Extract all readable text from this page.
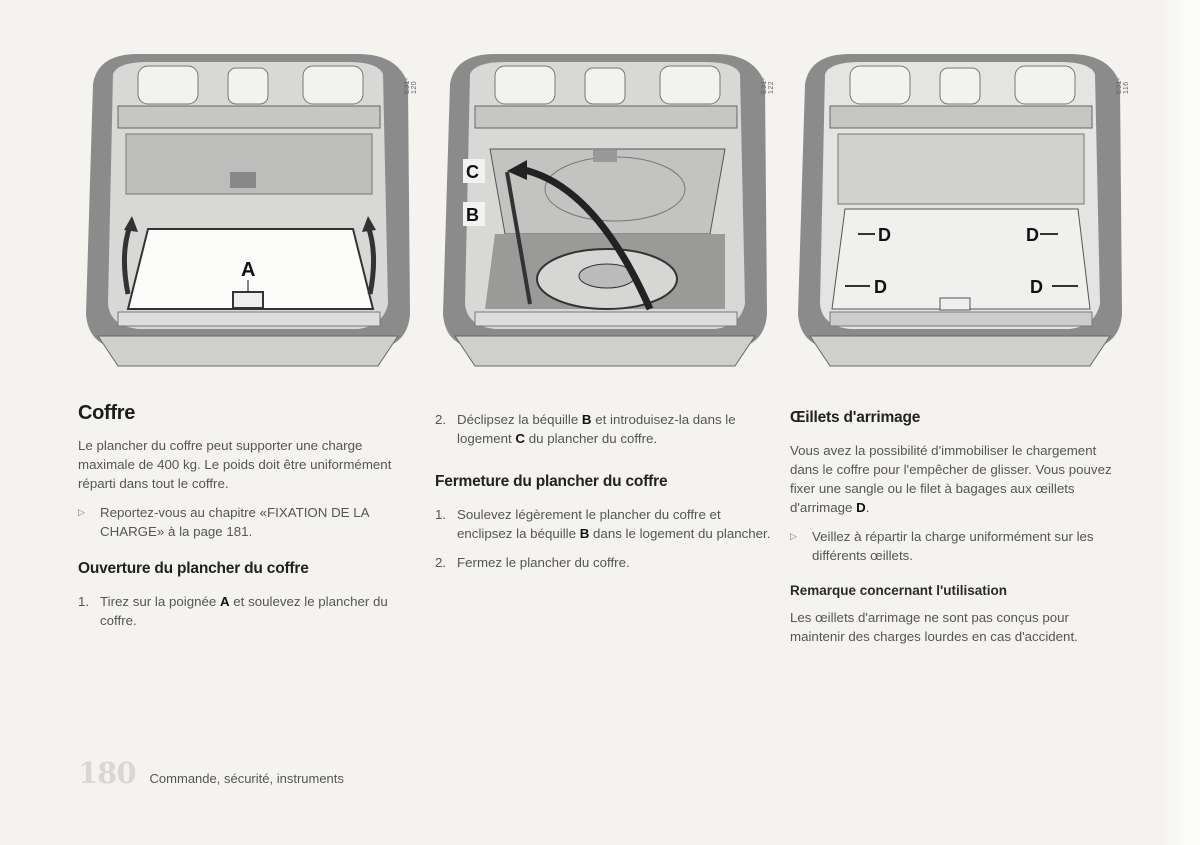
A
E31-120
C
B
E31-122
D	D
D	D
E31-116
Coffre

Le plancher du coffre peut supporter une charge maximale de 400 kg. Le poids doit être uniformément réparti dans tout le coffre.

▷ Reportez-vous au chapitre «FIXATION DE LA CHARGE» à la page 181.
Ouverture du plancher du coffre
1. Tirez sur la poignée A et soulevez le plancher du coffre.
2. Déclipsez la béquille B et introduisez-la dans le logement C du plancher du coffre.
Fermeture du plancher du coffre
1. Soulevez légèrement le plancher du coffre et enclipsez la béquille B dans le logement du plancher.
2. Fermez le plancher du coffre.
Œillets d'arrimage

Vous avez la possibilité d'immobiliser le chargement dans le coffre pour l'empêcher de glisser. Vous pouvez fixer une sangle ou le filet à bagages aux œillets d'arrimage D.

▷ Veillez à répartir la charge uniformément sur les différents œillets.
Remarque concernant l'utilisation

Les œillets d'arrimage ne sont pas conçus pour maintenir des charges lourdes en cas d'accident.

180 Commande, sécurité, instruments
